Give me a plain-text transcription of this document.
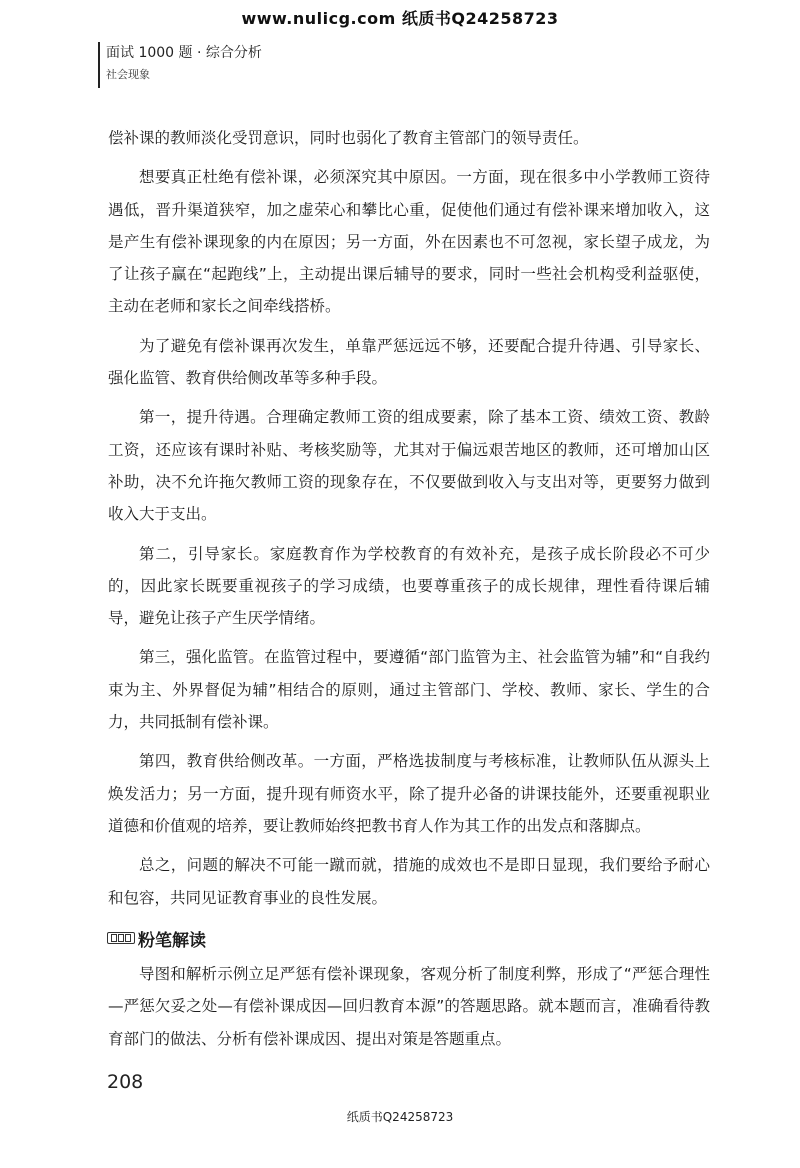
www.nulicg.com 纸质书Q24258723
面试 1000 题 · 综合分析
社会现象

偿补课的教师淡化受罚意识，同时也弱化了教育主管部门的领导责任。

想要真正杜绝有偿补课，必须深究其中原因。一方面，现在很多中小学教师工资待遇低，晋升渠道狭窄，加之虚荣心和攀比心重，促使他们通过有偿补课来增加收入，这是产生有偿补课现象的内在原因；另一方面，外在因素也不可忽视，家长望子成龙，为了让孩子赢在“起跑线”上，主动提出课后辅导的要求，同时一些社会机构受利益驱使，主动在老师和家长之间牵线搭桥。

为了避免有偿补课再次发生，单靠严惩远远不够，还要配合提升待遇、引导家长、强化监管、教育供给侧改革等多种手段。

第一，提升待遇。合理确定教师工资的组成要素，除了基本工资、绩效工资、教龄工资，还应该有课时补贴、考核奖励等，尤其对于偏远艰苦地区的教师，还可增加山区补助，决不允许拖欠教师工资的现象存在，不仅要做到收入与支出对等，更要努力做到收入大于支出。

第二，引导家长。家庭教育作为学校教育的有效补充，是孩子成长阶段必不可少的，因此家长既要重视孩子的学习成绩，也要尊重孩子的成长规律，理性看待课后辅导，避免让孩子产生厌学情绪。

第三，强化监管。在监管过程中，要遵循“部门监管为主、社会监管为辅”和“自我约束为主、外界督促为辅”相结合的原则，通过主管部门、学校、教师、家长、学生的合力，共同抵制有偿补课。

第四，教育供给侧改革。一方面，严格选拔制度与考核标准，让教师队伍从源头上焕发活力；另一方面，提升现有师资水平，除了提升必备的讲课技能外，还要重视职业道德和价值观的培养，要让教师始终把教书育人作为其工作的出发点和落脚点。

总之，问题的解决不可能一蹴而就，措施的成效也不是即日显现，我们要给予耐心和包容，共同见证教育事业的良性发展。

粉笔解读

导图和解析示例立足严惩有偿补课现象，客观分析了制度利弊，形成了“严惩合理性—严惩欠妥之处—有偿补课成因—回归教育本源”的答题思路。就本题而言，准确看待教育部门的做法、分析有偿补课成因、提出对策是答题重点。

208
纸质书Q24258723
